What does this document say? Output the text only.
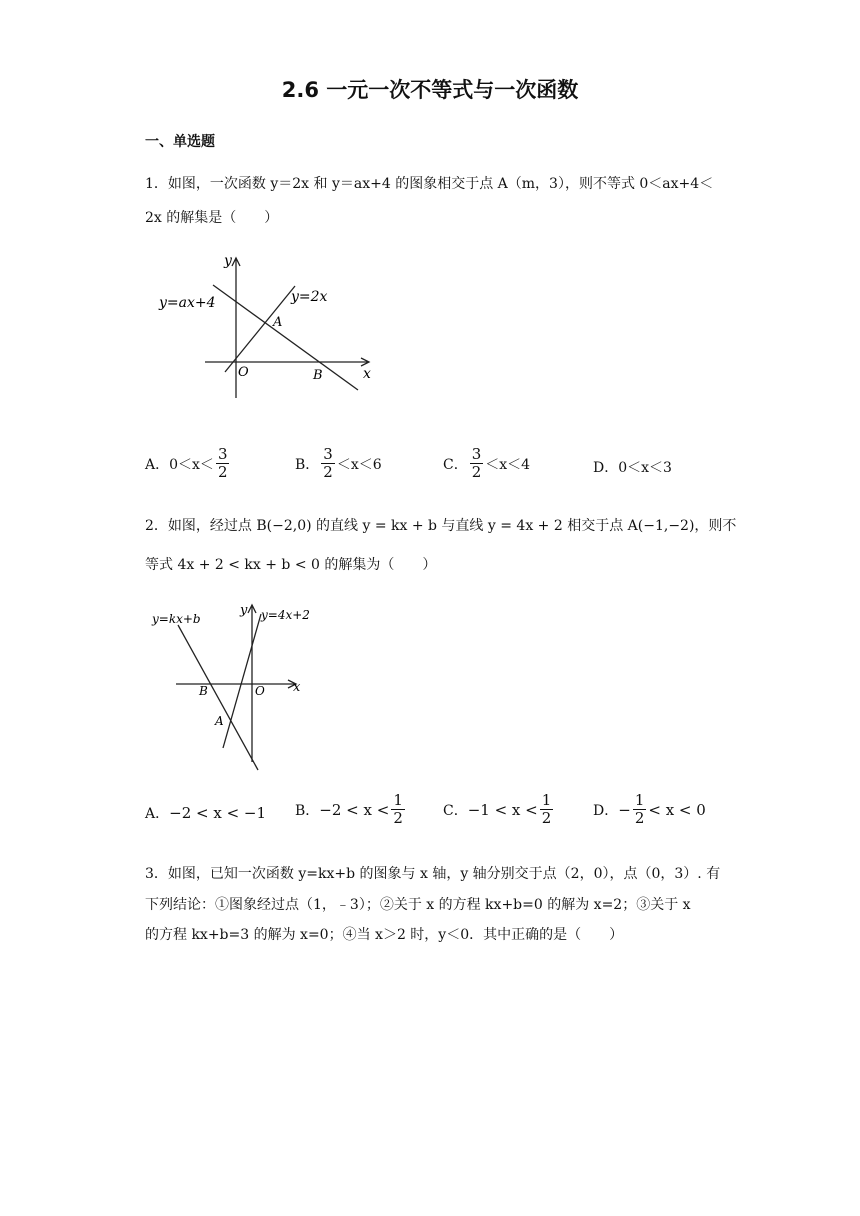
2.6 一元一次不等式与一次函数
一、单选题
1．如图，一次函数 y＝2x 和 y＝ax+4 的图象相交于点 A（m，3），则不等式 0＜ax+4＜
2x 的解集是（　　）
y
x
y=ax+4	y=2x
A
O	B
A． $0<x< \frac{3}{2}$	B． $\frac{3}{2} <x<6$	C． $\frac{3}{2} <x<4$	D． 0＜x＜3
2．如图，经过点 B(−2,0) 的直线 y = kx + b 与直线 y = 4x + 2 相交于点 A(−1,−2)，则不
等式 4x + 2 < kx + b < 0 的解集为（　　）
y
x
y=kx+b	y=4x+2
A
O
B
A． −2 < x < −1 B． $-2 < x < \frac{1}{2}$	C． $-1 < x < \frac{1}{2}$	D． − $\frac{1}{2} < x < 0$
3．如图，已知一次函数 y=kx+b 的图象与 x 轴，y 轴分别交于点（2，0），点（0，3）. 有
下列结论：①图象经过点（1，﹣3）；②关于 x 的方程 kx+b=0 的解为 x=2；③关于 x
的方程 kx+b=3 的解为 x=0；④当 x＞2 时，y＜0．其中正确的是（　　）
